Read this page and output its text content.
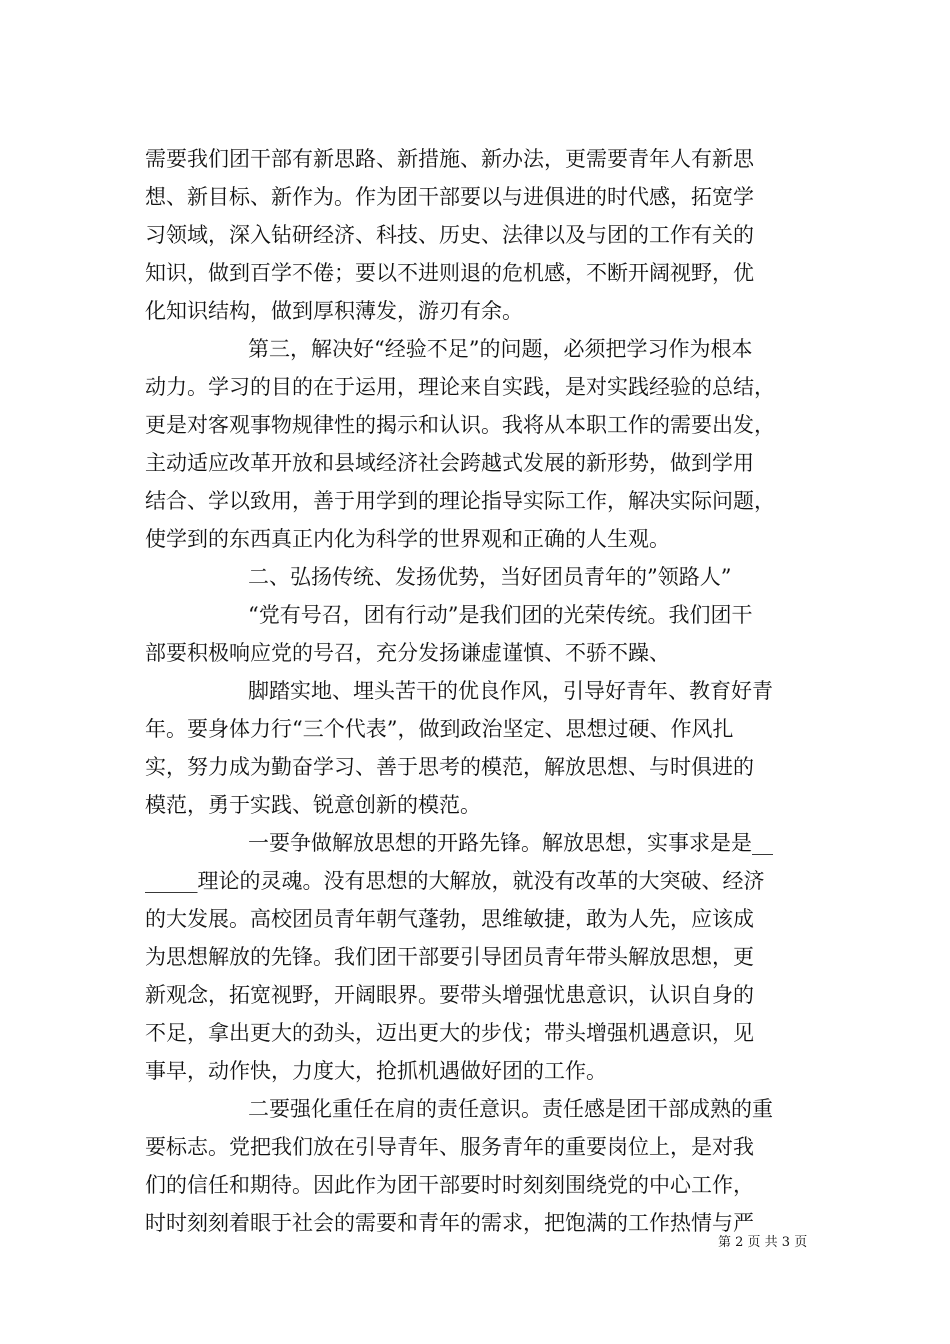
需要我们团干部有新思路、新措施、新办法，更需要青年人有新思
想、新目标、新作为。作为团干部要以与进俱进的时代感，拓宽学
习领域，深入钻研经济、科技、历史、法律以及与团的工作有关的
知识，做到百学不倦；要以不进则退的危机感，不断开阔视野，优
化知识结构，做到厚积薄发，游刃有余。
第三，解决好“经验不足”的问题，必须把学习作为根本
动力。学习的目的在于运用，理论来自实践，是对实践经验的总结，
更是对客观事物规律性的揭示和认识。我将从本职工作的需要出发，
主动适应改革开放和县域经济社会跨越式发展的新形势，做到学用
结合、学以致用，善于用学到的理论指导实际工作，解决实际问题，
使学到的东西真正内化为科学的世界观和正确的人生观。
二、弘扬传统、发扬优势，当好团员青年的”领路人”
“党有号召，团有行动”是我们团的光荣传统。我们团干
部要积极响应党的号召，充分发扬谦虚谨慎、不骄不躁、
脚踏实地、埋头苦干的优良作风，引导好青年、教育好青
年。要身体力行“三个代表”，做到政治坚定、思想过硬、作风扎
实，努力成为勤奋学习、善于思考的模范，解放思想、与时俱进的
模范，勇于实践、锐意创新的模范。
一要争做解放思想的开路先锋。解放思想，实事求是是__
_____理论的灵魂。没有思想的大解放，就没有改革的大突破、经济
的大发展。高校团员青年朝气蓬勃，思维敏捷，敢为人先，应该成
为思想解放的先锋。我们团干部要引导团员青年带头解放思想，更
新观念，拓宽视野，开阔眼界。要带头增强忧患意识，认识自身的
不足，拿出更大的劲头，迈出更大的步伐；带头增强机遇意识，见
事早，动作快，力度大，抢抓机遇做好团的工作。
二要强化重任在肩的责任意识。责任感是团干部成熟的重
要标志。党把我们放在引导青年、服务青年的重要岗位上，是对我
们的信任和期待。因此作为团干部要时时刻刻围绕党的中心工作，
时时刻刻着眼于社会的需要和青年的需求，把饱满的工作热情与严
第 2 页 共 3 页
